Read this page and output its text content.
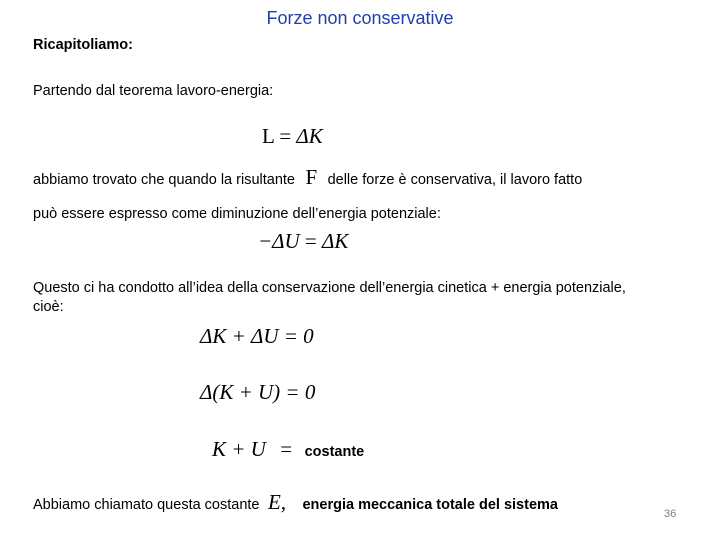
Forze non conservative
Ricapitoliamo:
Partendo dal teorema lavoro-energia:
L = ΔK
abbiamo trovato che quando la risultante F delle forze è conservativa, il lavoro fatto
può essere espresso come diminuzione dell’energia potenziale:
−ΔU = ΔK
Questo ci ha condotto all’idea della conservazione dell’energia cinetica + energia potenziale, cioè:
ΔK + ΔU = 0
Δ(K + U) = 0
K + U = costante
Abbiamo chiamato questa costante E, energia meccanica totale del sistema
36
